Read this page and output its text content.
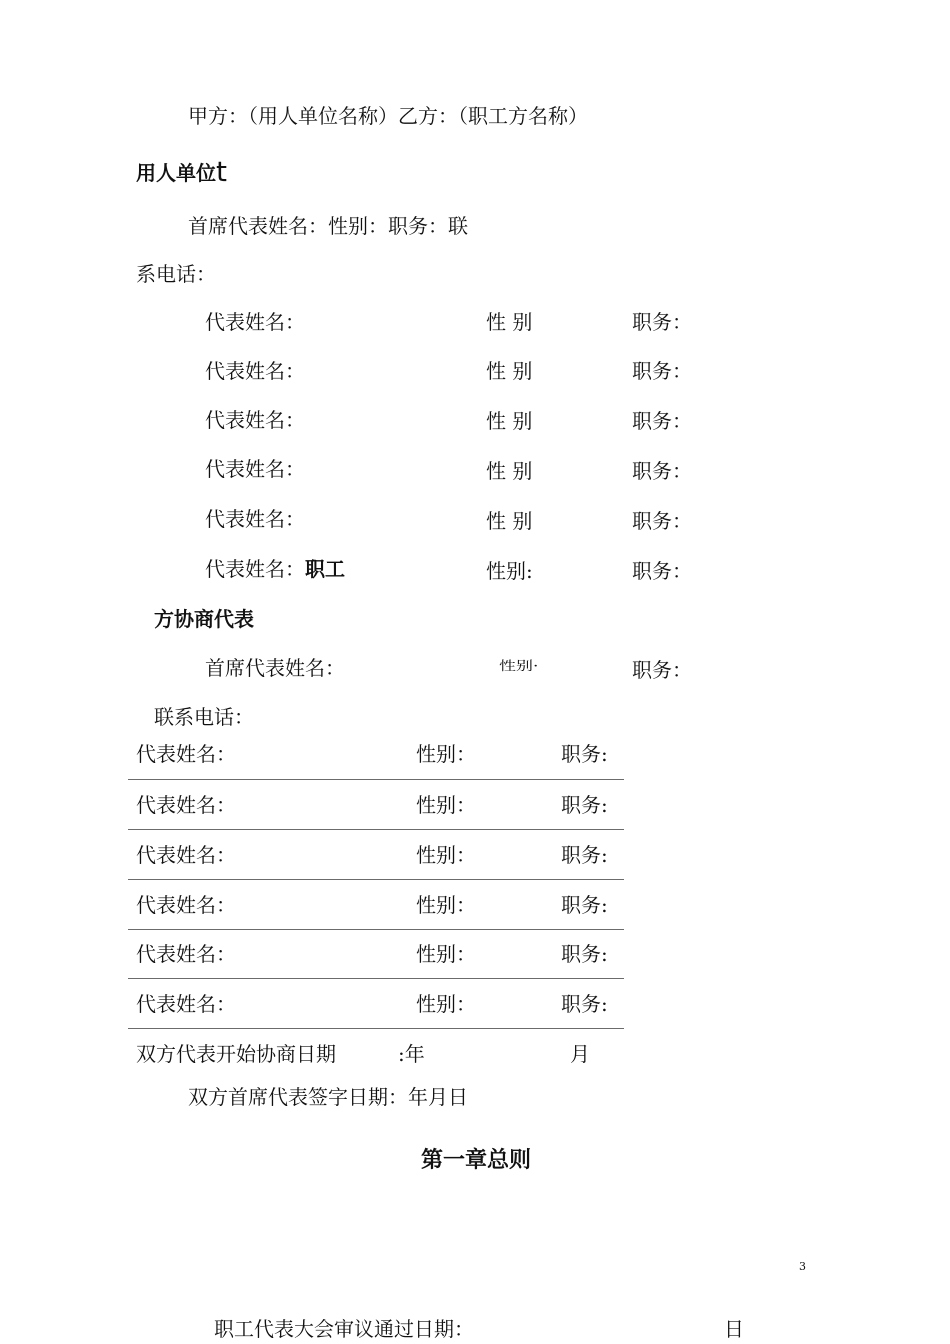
甲方：（用人单位名称）乙方：（职工方名称）
用人单位t
首席代表姓名：性别：职务：联
系电话：
代表姓名：	性 别	职务：
代表姓名：	性 别	职务：
代表姓名：	性 别	职务：
代表姓名：	性 别	职务：
代表姓名：	性 别	职务：
代表姓名：职工	性别:	职务：
方协商代表
首席代表姓名：	性别·	职务：
联系电话：
代表姓名：	性别：	职务:
代表姓名：	性别：	职务:
代表姓名：	性别：	职务:
代表姓名：	性别：	职务:
代表姓名：	性别：	职务:
代表姓名：	性别：	职务:
双方代表开始协商日期	:年	月
双方首席代表签字日期：年月日
第一章总则
3
职工代表大会审议通过日期：	日
